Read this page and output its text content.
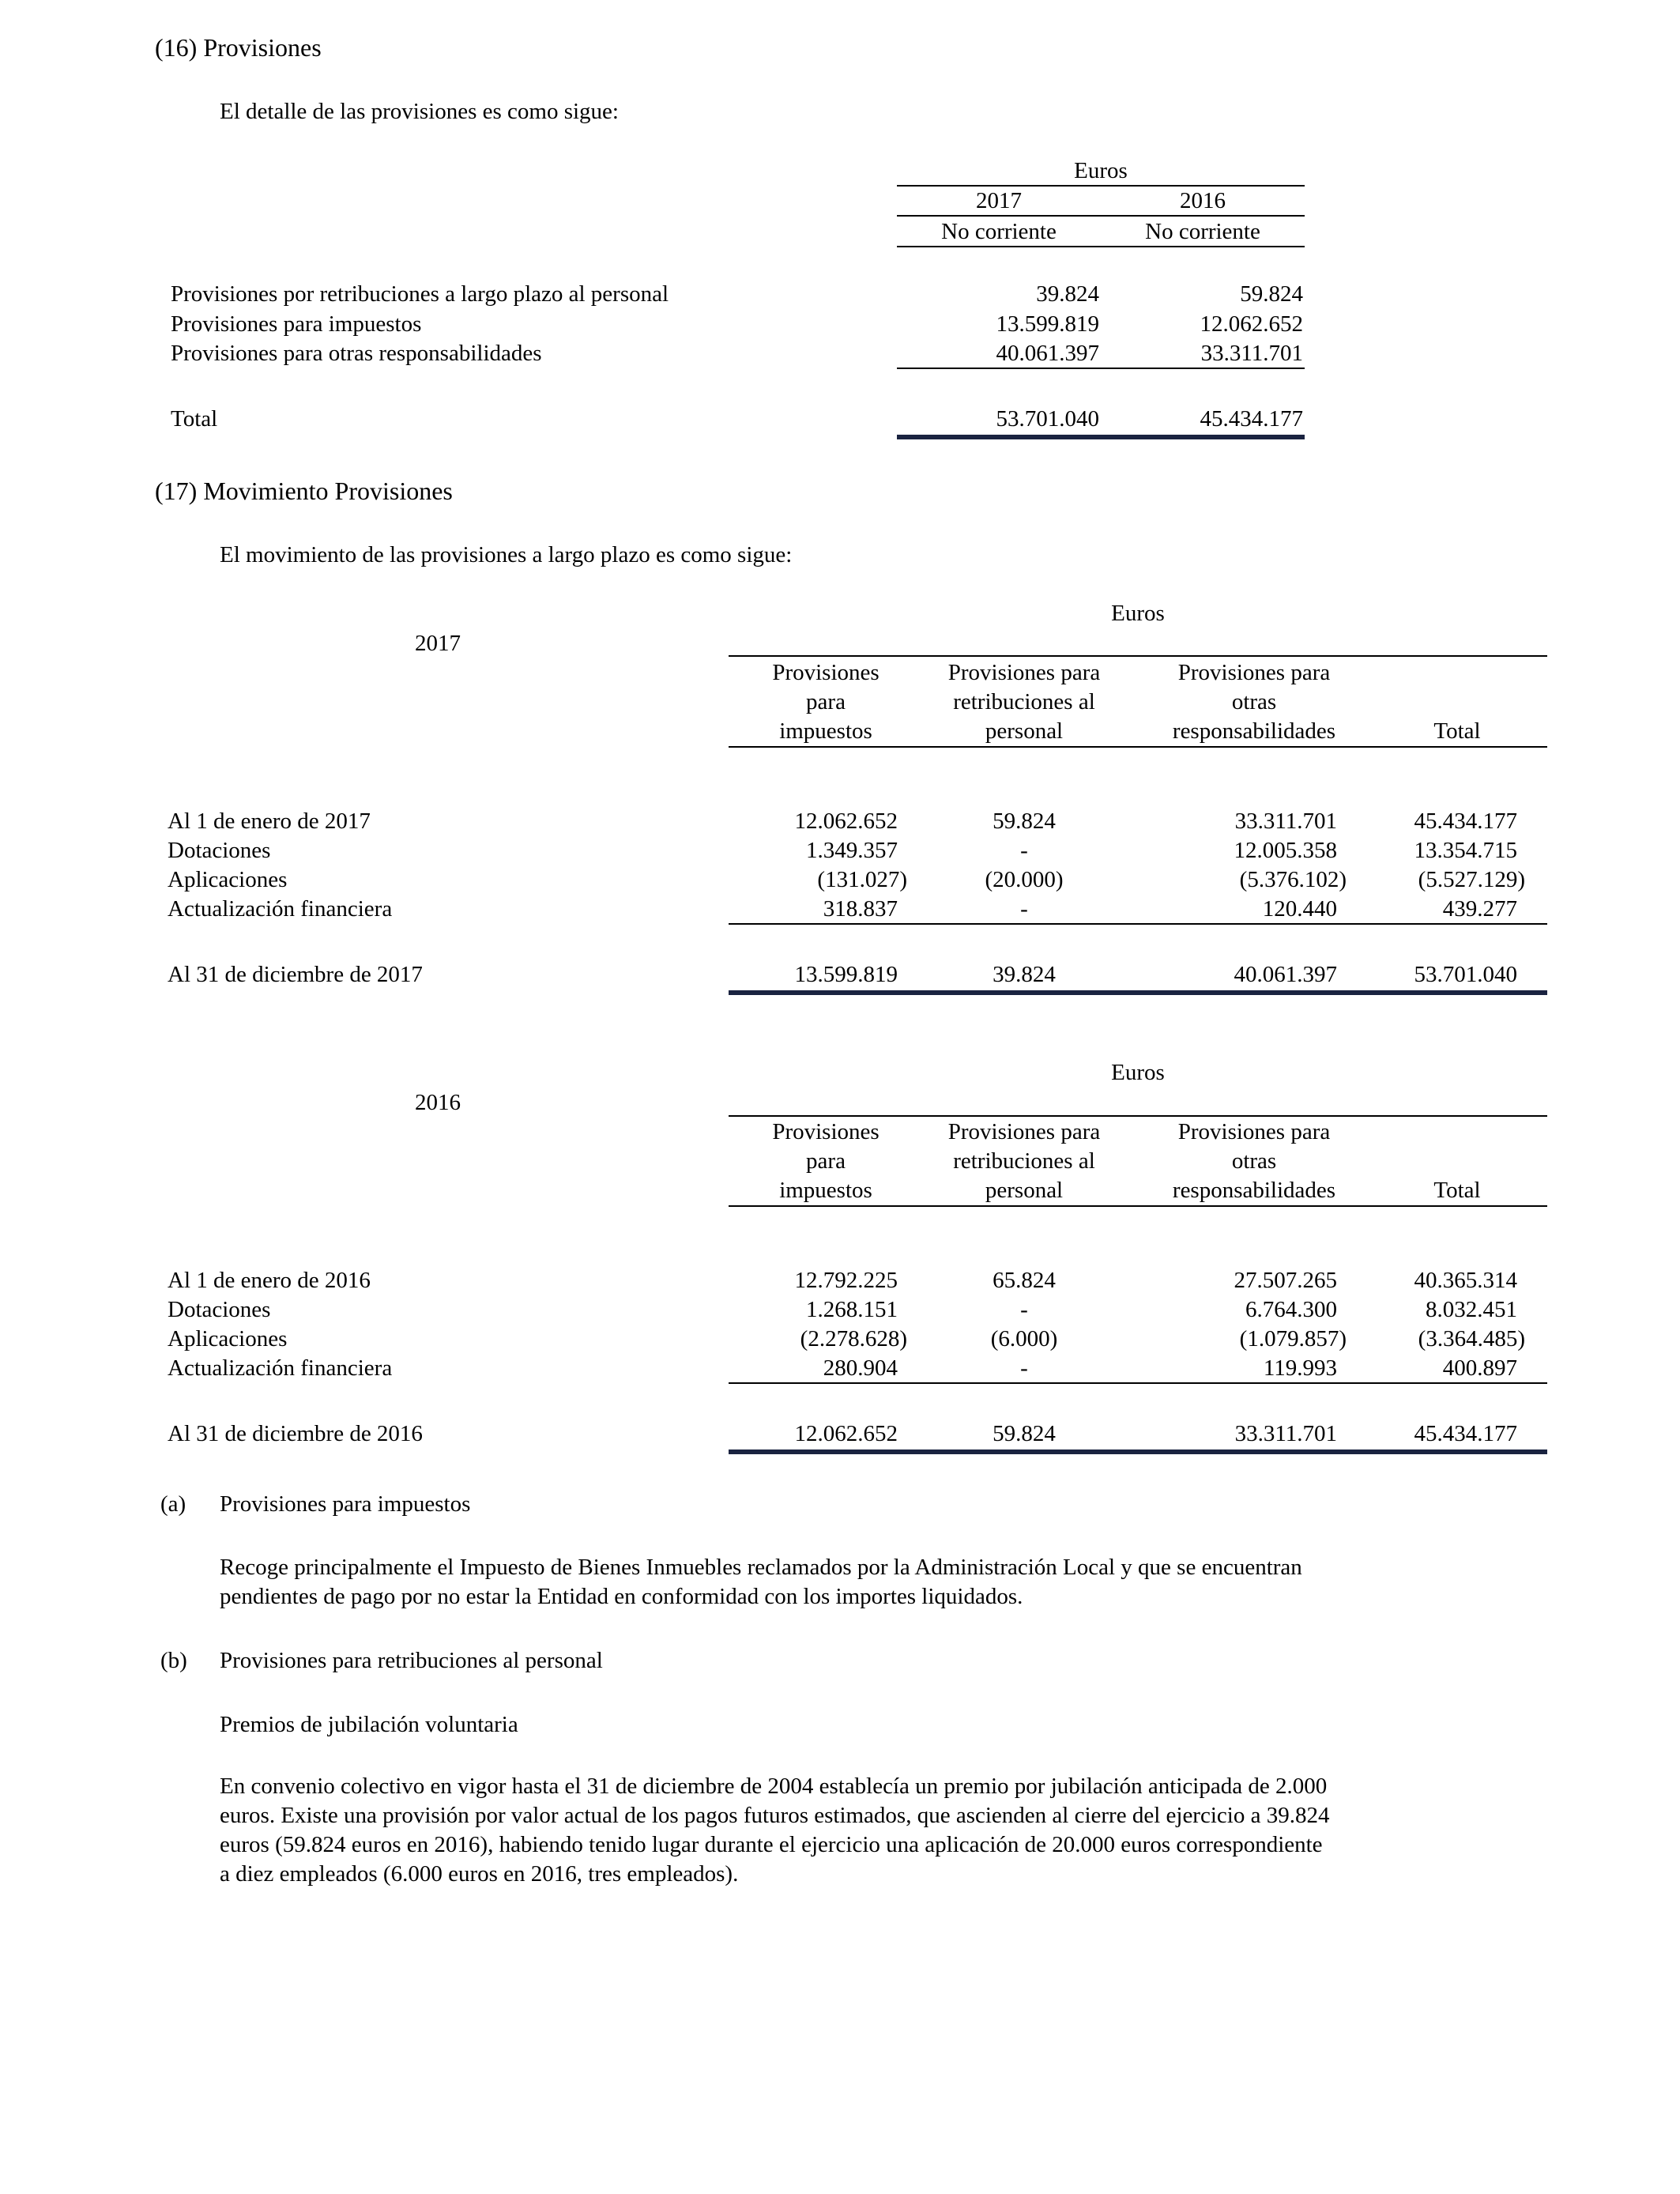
(16) Provisiones
El detalle de las provisiones es como sigue:
Euros
2017	2016
No corriente	No corriente
Provisiones por retribuciones a largo plazo al personal	39.824	59.824
Provisiones para impuestos	13.599.819	12.062.652
Provisiones para otras responsabilidades	40.061.397	33.311.701
Total	53.701.040	45.434.177
(17) Movimiento Provisiones
El movimiento de las provisiones a largo plazo es como sigue:
Euros
2017
Provisiones
para
impuestos
Provisiones para
retribuciones al
personal
Provisiones para
otras
responsabilidades	Total
Al 1 de enero de 2017	12.062.652	59.824	33.311.701	45.434.177
Dotaciones	1.349.357	-	12.005.358	13.354.715
Aplicaciones	(131.027)	(20.000)	(5.376.102)	(5.527.129)
Actualización financiera	318.837	-	120.440	439.277
Al 31 de diciembre de 2017	13.599.819	39.824	40.061.397	53.701.040
Euros
2016
Provisiones
para
impuestos
Provisiones para
retribuciones al
personal
Provisiones para
otras
responsabilidades	Total
Al 1 de enero de 2016	12.792.225	65.824	27.507.265	40.365.314
Dotaciones	1.268.151	-	6.764.300	8.032.451
Aplicaciones	(2.278.628)	(6.000)	(1.079.857)	(3.364.485)
Actualización financiera	280.904	-	119.993	400.897
Al 31 de diciembre de 2016	12.062.652	59.824	33.311.701	45.434.177
(a) Provisiones para impuestos
Recoge principalmente el Impuesto de Bienes Inmuebles reclamados por la Administración Local y que se encuentran
pendientes de pago por no estar la Entidad en conformidad con los importes liquidados.
(b) Provisiones para retribuciones al personal
Premios de jubilación voluntaria
En convenio colectivo en vigor hasta el 31 de diciembre de 2004 establecía un premio por jubilación anticipada de 2.000
euros. Existe una provisión por valor actual de los pagos futuros estimados, que ascienden al cierre del ejercicio a 39.824
euros (59.824 euros en 2016), habiendo tenido lugar durante el ejercicio una aplicación de 20.000 euros correspondiente
a diez empleados (6.000 euros en 2016, tres empleados).
